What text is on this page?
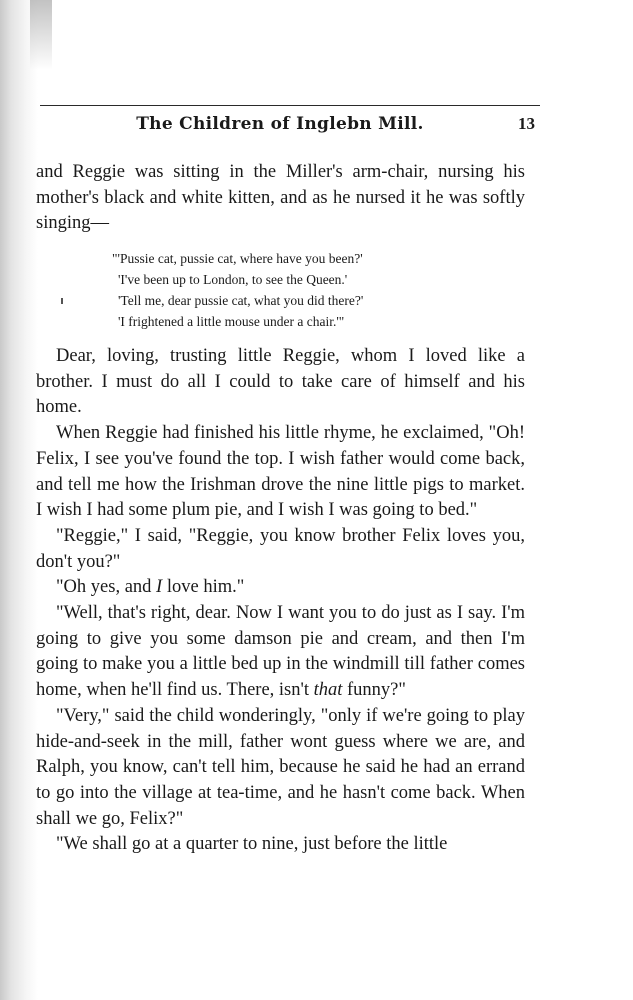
The Children of Inglebn Mill.	13

and Reggie was sitting in the Miller's arm-chair, nursing his mother's black and white kitten, and as he nursed it he was softly singing—

"'Pussie cat, pussie cat, where have you been?'
'I've been up to London, to see the Queen.'
'Tell me, dear pussie cat, what you did there?'
'I frightened a little mouse under a chair.'"

Dear, loving, trusting little Reggie, whom I loved like a brother. I must do all I could to take care of himself and his home.

When Reggie had finished his little rhyme, he exclaimed, "Oh! Felix, I see you've found the top. I wish father would come back, and tell me how the Irishman drove the nine little pigs to market. I wish I had some plum pie, and I wish I was going to bed."

"Reggie," I said, "Reggie, you know brother Felix loves you, don't you?"

"Oh yes, and I love him."

"Well, that's right, dear. Now I want you to do just as I say. I'm going to give you some damson pie and cream, and then I'm going to make you a little bed up in the windmill till father comes home, when he'll find us. There, isn't that funny?"

"Very," said the child wonderingly, "only if we're going to play hide-and-seek in the mill, father wont guess where we are, and Ralph, you know, can't tell him, because he said he had an errand to go into the village at tea-time, and he hasn't come back. When shall we go, Felix?"

"We shall go at a quarter to nine, just before the little
